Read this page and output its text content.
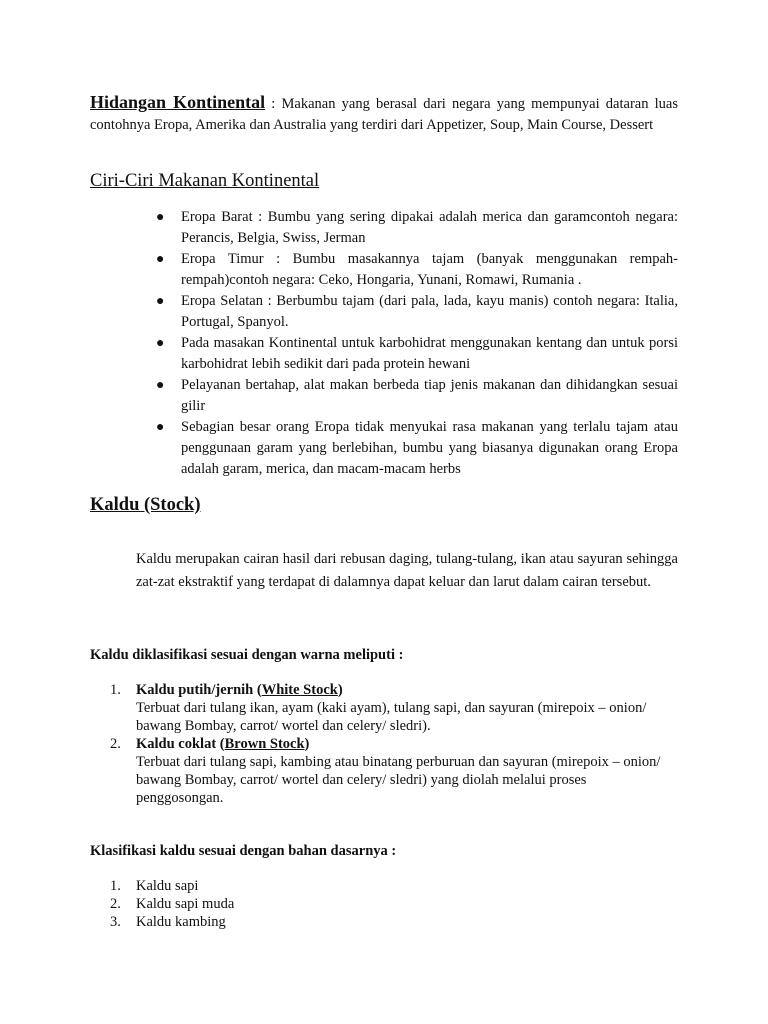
Hidangan Kontinental : Makanan yang berasal dari negara yang mempunyai dataran luas contohnya Eropa, Amerika dan Australia yang terdiri dari Appetizer, Soup, Main Course, Dessert
Ciri-Ciri Makanan Kontinental
●	Eropa Barat : Bumbu yang sering dipakai adalah merica dan garamcontoh negara: Perancis, Belgia, Swiss, Jerman
●	Eropa Timur : Bumbu masakannya tajam (banyak menggunakan rempah-rempah)contoh negara: Ceko, Hongaria, Yunani, Romawi, Rumania .
●	Eropa Selatan : Berbumbu tajam (dari pala, lada, kayu manis) contoh negara: Italia, Portugal, Spanyol.
●	Pada masakan Kontinental untuk karbohidrat menggunakan kentang dan untuk porsi karbohidrat lebih sedikit dari pada protein hewani
●	Pelayanan bertahap, alat makan berbeda tiap jenis makanan dan dihidangkan sesuai gilir
●	Sebagian besar orang Eropa tidak menyukai rasa makanan yang terlalu tajam atau penggunaan garam yang berlebihan, bumbu yang biasanya digunakan orang Eropa adalah garam, merica, dan macam-macam herbs
Kaldu (Stock)
Kaldu merupakan cairan hasil dari rebusan daging, tulang-tulang, ikan atau sayuran sehingga zat-zat ekstraktif yang terdapat di dalamnya dapat keluar dan larut dalam cairan tersebut.
Kaldu diklasifikasi sesuai dengan warna meliputi :
1. Kaldu putih/jernih (White Stock)
Terbuat dari tulang ikan, ayam (kaki ayam), tulang sapi, dan sayuran (mirepoix – onion/ bawang Bombay, carrot/ wortel dan celery/ sledri).
2. Kaldu coklat (Brown Stock)
Terbuat dari tulang sapi, kambing atau binatang perburuan dan sayuran (mirepoix – onion/ bawang Bombay, carrot/ wortel dan celery/ sledri) yang diolah melalui proses penggosongan.
Klasifikasi kaldu sesuai dengan bahan dasarnya :
1. Kaldu sapi
2. Kaldu sapi muda
3. Kaldu kambing
